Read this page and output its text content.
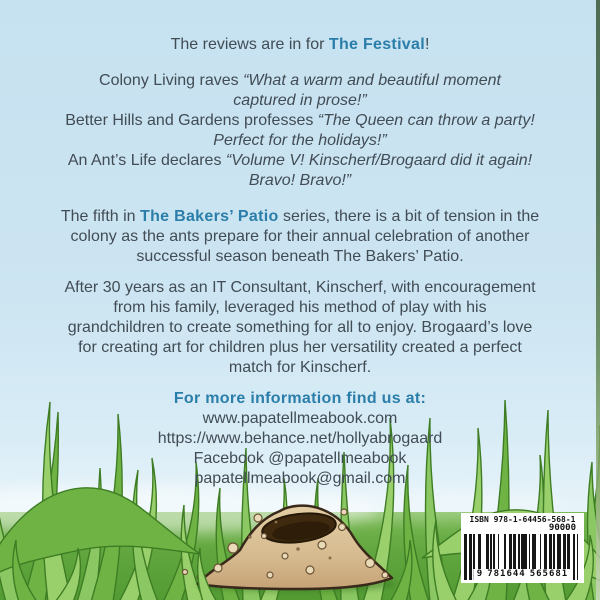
The reviews are in for The Festival!
Colony Living raves “What a warm and beautiful moment
captured in prose!”
Better Hills and Gardens professes “The Queen can throw a party!
Perfect for the holidays!”
An Ant’s Life declares “Volume V! Kinscherf/Brogaard did it again!
Bravo! Bravo!”
The fifth in The Bakers’ Patio series, there is a bit of tension in the
colony as the ants prepare for their annual celebration of another
successful season beneath The Bakers’ Patio.
After 30 years as an IT Consultant, Kinscherf, with encouragement
from his family, leveraged his method of play with his
grandchildren to create something for all to enjoy. Brogaard’s love
for creating art for children plus her versatility created a perfect
match for Kinscherf.
For more information find us at:
www.papatellmeabook.com
https://www.behance.net/hollyabrogaard
Facebook @papatellmeabook
papatellmeabook@gmail.com
ISBN 978-1-64456-568-1
90000
9 781644 565681
